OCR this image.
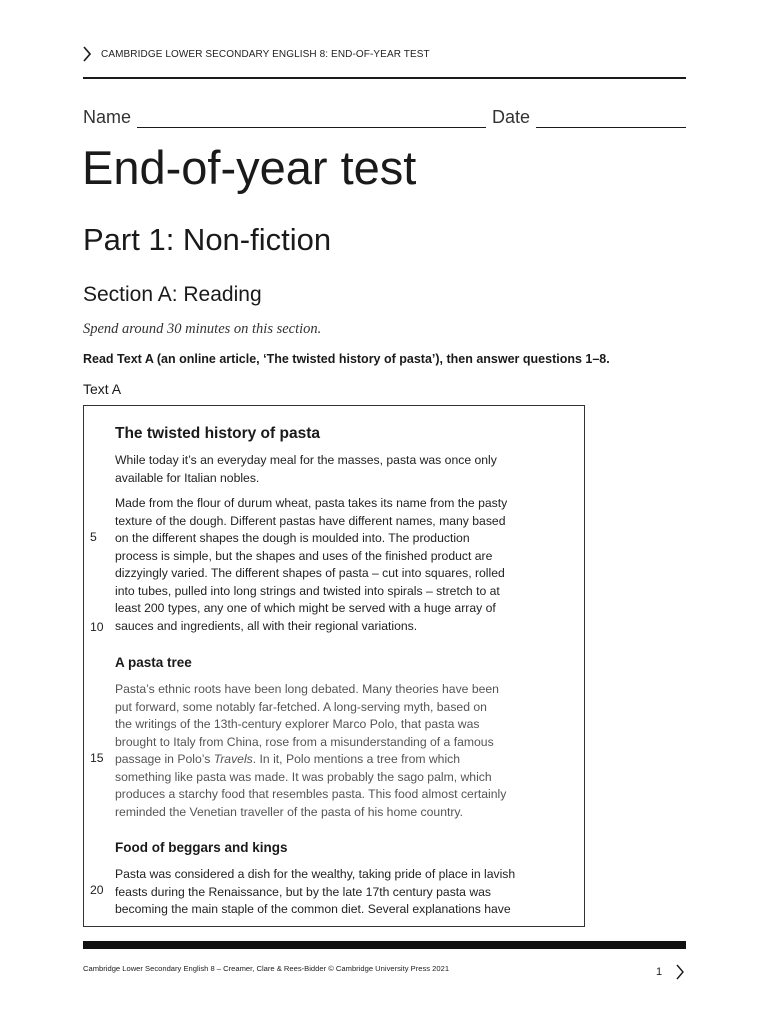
CAMBRIDGE LOWER SECONDARY ENGLISH 8: END-OF-YEAR TEST
Name	Date
End-of-year test
Part 1: Non-fiction
Section A: Reading
Spend around 30 minutes on this section.
Read Text A (an online article, ‘The twisted history of pasta’), then answer questions 1–8.
Text A
The twisted history of pasta
While today it’s an everyday meal for the masses, pasta was once only
available for Italian nobles.
Made from the flour of durum wheat, pasta takes its name from the pasty
texture of the dough. Different pastas have different names, many based
on the different shapes the dough is moulded into. The production
process is simple, but the shapes and uses of the finished product are
dizzyingly varied. The different shapes of pasta – cut into squares, rolled
into tubes, pulled into long strings and twisted into spirals – stretch to at
least 200 types, any one of which might be served with a huge array of
sauces and ingredients, all with their regional variations.
5
10
A pasta tree
Pasta’s ethnic roots have been long debated. Many theories have been
put forward, some notably far-fetched. A long-serving myth, based on
the writings of the 13th-century explorer Marco Polo, that pasta was
brought to Italy from China, rose from a misunderstanding of a famous
passage in Polo’s Travels. In it, Polo mentions a tree from which
something like pasta was made. It was probably the sago palm, which
produces a starchy food that resembles pasta. This food almost certainly
reminded the Venetian traveller of the pasta of his home country.
15
Food of beggars and kings
Pasta was considered a dish for the wealthy, taking pride of place in lavish
feasts during the Renaissance, but by the late 17th century pasta was
becoming the main staple of the common diet. Several explanations have
20
Cambridge Lower Secondary English 8 – Creamer, Clare & Rees-Bidder © Cambridge University Press 2021	1
